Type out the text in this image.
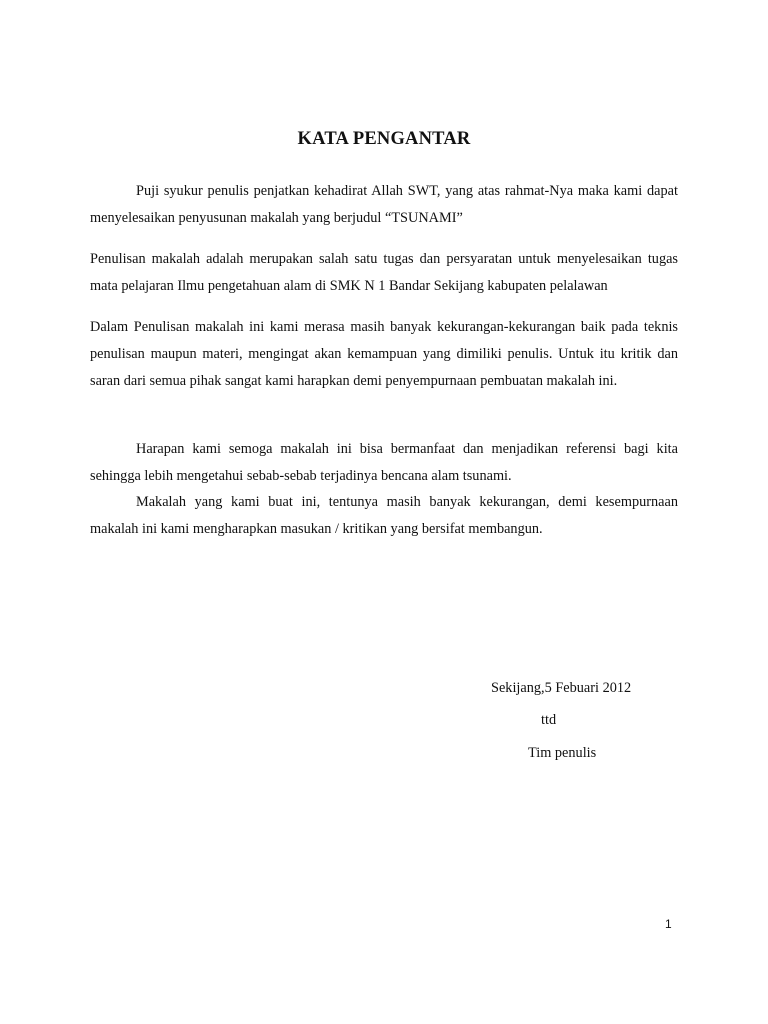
KATA PENGANTAR

Puji syukur penulis penjatkan kehadirat Allah SWT, yang atas rahmat-Nya maka kami dapat menyelesaikan penyusunan makalah yang berjudul “TSUNAMI”

Penulisan makalah adalah merupakan salah satu tugas dan persyaratan untuk menyelesaikan tugas mata pelajaran Ilmu pengetahuan alam di SMK N 1 Bandar Sekijang kabupaten pelalawan

Dalam Penulisan makalah ini kami merasa masih banyak kekurangan-kekurangan baik pada teknis penulisan maupun materi, mengingat akan kemampuan yang dimiliki penulis. Untuk itu kritik dan saran dari semua pihak sangat kami harapkan demi penyempurnaan pembuatan makalah ini.

Harapan kami semoga makalah ini bisa bermanfaat dan menjadikan referensi bagi kita sehingga lebih mengetahui sebab-sebab terjadinya bencana alam tsunami.

Makalah yang kami buat ini, tentunya masih banyak kekurangan, demi kesempurnaan makalah ini kami mengharapkan masukan / kritikan yang bersifat membangun.

Sekijang,5 Febuari 2012
ttd
Tim penulis
1
